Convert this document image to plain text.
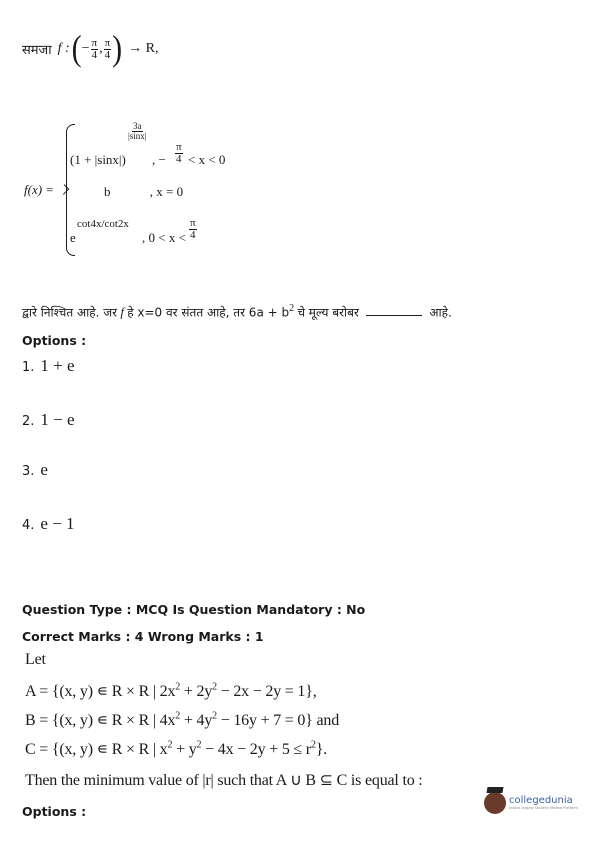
समजा f : ( − $\frac{\pi}{4}$ , $\frac{\pi}{4}$ ) → R,
f(x) =
$\frac{3a}{|\sin x|}$
(1 + |sinx|) , − $\frac{\pi}{4} < x < 0$
b	, x = 0
e
cot4x/cot2x
, $0 < x < \frac{\pi}{4}$
द्वारे निश्चित आहे. जर f हे x=0 वर संतत आहे, तर $6a + b^2$ चे मूल्य बरोबर	आहे.
Options :
1. 1 + e
2. 1 − e
3. e
4. e − 1
Question Type : MCQ Is Question Mandatory : No
Correct Marks : 4 Wrong Marks : 1
Let
A = {(x, y) ∊ R × R | $2x^2 + 2y^2 - 2x - 2y = 1$},
B = {(x, y) ∊ R × R | $4x^2 + 4y^2 - 16y + 7 = 0$} and
C = {(x, y) ∊ R × R | $x^2 + y^2 - 4x - 2y + 5 \le r^2$}.
Then the minimum value of |r| such that A ∪ B ⊆ C is equal to :
Options :
collegedunia
India's largest Student Review Platform
